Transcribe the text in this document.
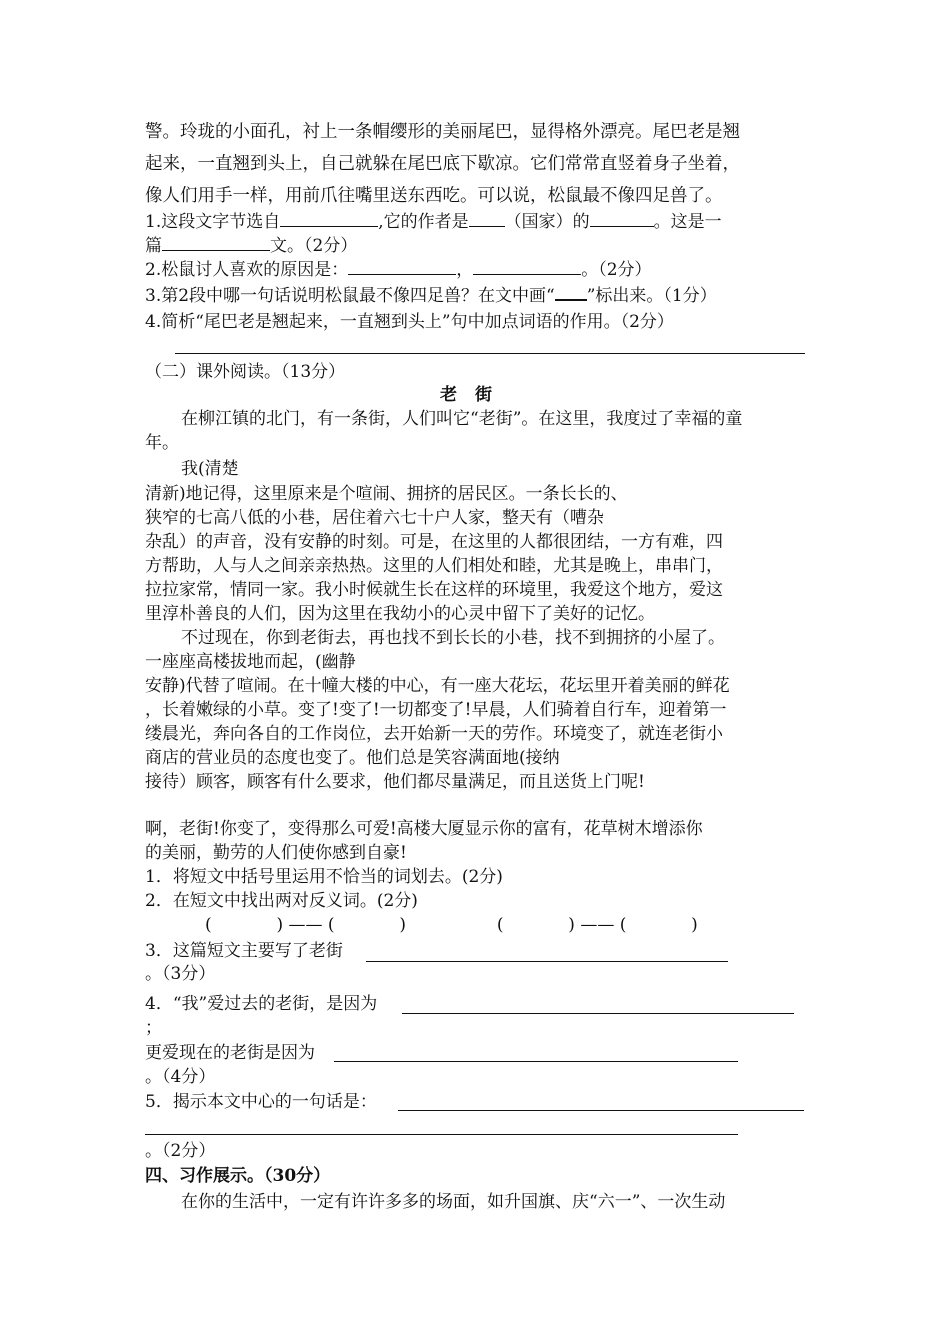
警。玲珑的小面孔，衬上一条帽缨形的美丽尾巴，显得格外漂亮。尾巴老是翘
起来，一直翘到头上，自己就躲在尾巴底下歇凉。它们常常直竖着身子坐着，
像人们用手一样，用前爪往嘴里送东西吃。可以说，松鼠最不像四足兽了。
1.这段文字节选自	,它的作者是 （国家）的	。这是一
篇	文。（2分）
2.松鼠讨人喜欢的原因是：	，	。（2分）
3.第2段中哪一句话说明松鼠最不像四足兽？在文中画“ ”标出来。（1分）
4.简析“尾巴老是翘起来，一直翘到头上”句中加点词语的作用。（2分）
（二）课外阅读。（13分）
老街
在柳江镇的北门，有一条街，人们叫它“老街”。在这里，我度过了幸福的童
年。
我(清楚
清新)地记得，这里原来是个喧闹、拥挤的居民区。一条长长的、
狭窄的七高八低的小巷，居住着六七十户人家，整天有（嘈杂
杂乱）的声音，没有安静的时刻。可是，在这里的人都很团结，一方有难，四
方帮助，人与人之间亲亲热热。这里的人们相处和睦，尤其是晚上，串串门，
拉拉家常，情同一家。我小时候就生长在这样的环境里，我爱这个地方，爱这
里淳朴善良的人们，因为这里在我幼小的心灵中留下了美好的记忆。
不过现在，你到老街去，再也找不到长长的小巷，找不到拥挤的小屋了。
一座座高楼拔地而起，(幽静
安静)代替了喧闹。在十幢大楼的中心，有一座大花坛，花坛里开着美丽的鲜花
，长着嫩绿的小草。变了!变了!一切都变了!早晨，人们骑着自行车，迎着第一
缕晨光，奔向各自的工作岗位，去开始新一天的劳作。环境变了，就连老街小
商店的营业员的态度也变了。他们总是笑容满面地(接纳
接待）顾客，顾客有什么要求，他们都尽量满足，而且送货上门呢!
啊，老街!你变了，变得那么可爱!高楼大厦显示你的富有，花草树木增添你
的美丽，勤劳的人们使你感到自豪!
1．将短文中括号里运用不恰当的词划去。(2分)
2．在短文中找出两对反义词。(2分)
(	) —— (	)	(	) —— (	)
3．这篇短文主要写了老街
。（3分）
4．“我”爱过去的老街，是因为
；
更爱现在的老街是因为
。（4分）
5．揭示本文中心的一句话是：
。（2分）
四、习作展示。（30分）
在你的生活中，一定有许许多多的场面，如升国旗、庆“六一”、一次生动
